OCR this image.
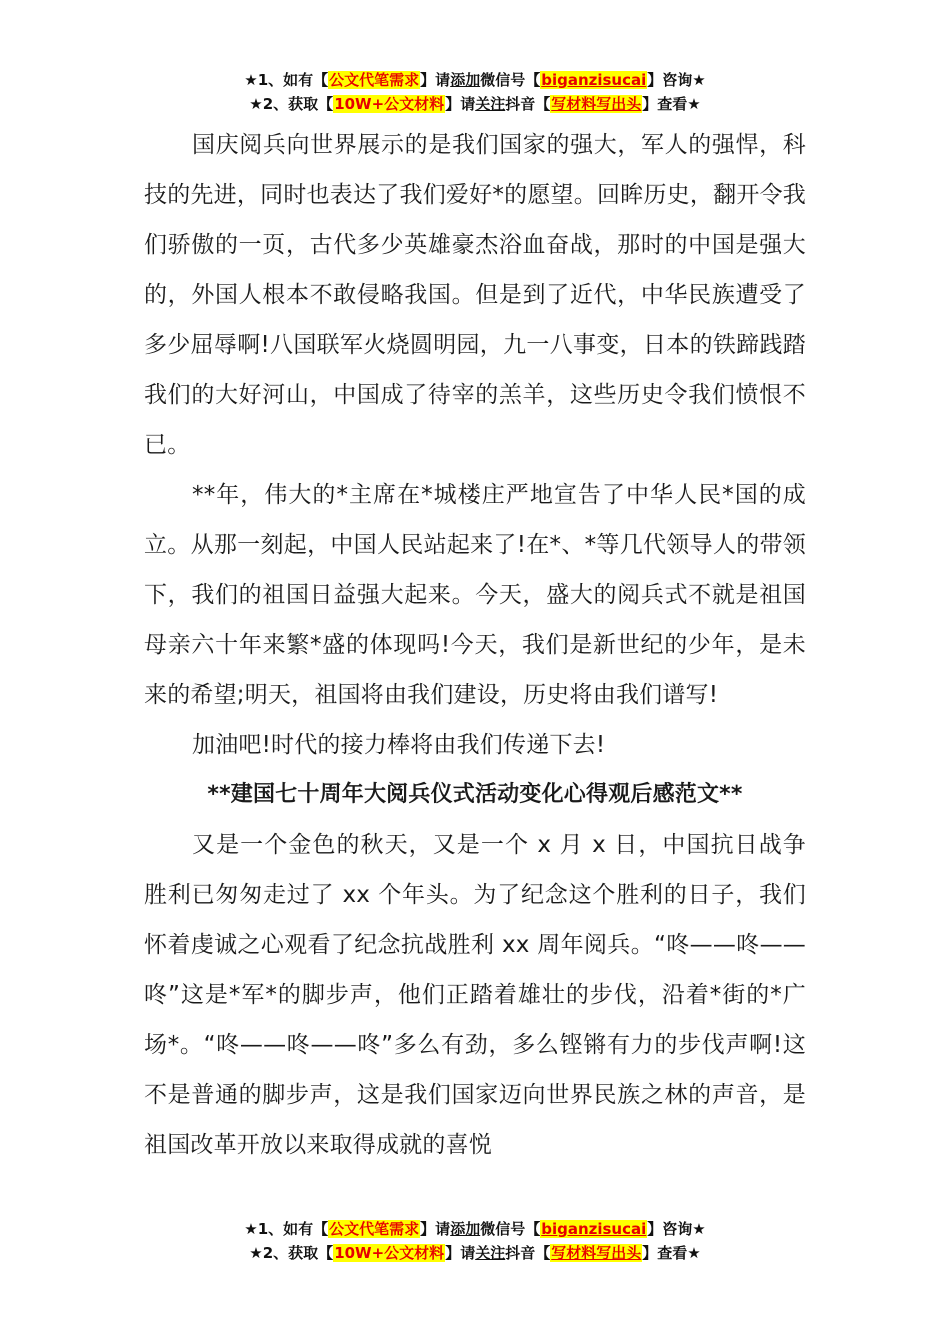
★1、如有【公文代笔需求】请添加微信号【biganzisucai】咨询★
★2、获取【10W+公文材料】请关注抖音【写材料写出头】查看★

国庆阅兵向世界展示的是我们国家的强大，军人的强悍，科技的先进，同时也表达了我们爱好*的愿望。回眸历史，翻开令我们骄傲的一页，古代多少英雄豪杰浴血奋战，那时的中国是强大的，外国人根本不敢侵略我国。但是到了近代，中华民族遭受了多少屈辱啊!八国联军火烧圆明园，九一八事变，日本的铁蹄践踏我们的大好河山，中国成了待宰的羔羊，这些历史令我们愤恨不已。

**年，伟大的*主席在*城楼庄严地宣告了中华人民*国的成立。从那一刻起，中国人民站起来了!在*、*等几代领导人的带领下，我们的祖国日益强大起来。今天，盛大的阅兵式不就是祖国母亲六十年来繁*盛的体现吗!今天，我们是新世纪的少年，是未来的希望;明天，祖国将由我们建设，历史将由我们谱写!

加油吧!时代的接力棒将由我们传递下去!

**建国七十周年大阅兵仪式活动变化心得观后感范文**

又是一个金色的秋天，又是一个 x 月 x 日，中国抗日战争胜利已匆匆走过了 xx 个年头。为了纪念这个胜利的日子，我们怀着虔诚之心观看了纪念抗战胜利 xx 周年阅兵。“咚——咚——咚”这是*军*的脚步声，他们正踏着雄壮的步伐，沿着*街的*广场*。“咚——咚——咚”多么有劲，多么铿锵有力的步伐声啊!这不是普通的脚步声，这是我们国家迈向世界民族之林的声音，是祖国改革开放以来取得成就的喜悦

★1、如有【公文代笔需求】请添加微信号【biganzisucai】咨询★
★2、获取【10W+公文材料】请关注抖音【写材料写出头】查看★
